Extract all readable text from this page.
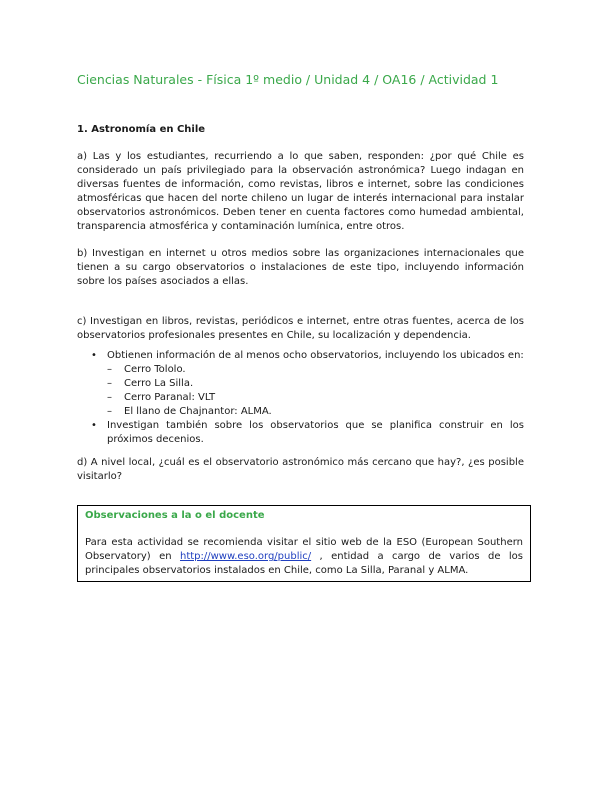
Ciencias Naturales - Física 1º medio / Unidad 4 / OA16 / Actividad 1

1. Astronomía en Chile

a) Las y los estudiantes, recurriendo a lo que saben, responden: ¿por qué Chile es considerado un país privilegiado para la observación astronómica? Luego indagan en diversas fuentes de información, como revistas, libros e internet, sobre las condiciones atmosféricas que hacen del norte chileno un lugar de interés internacional para instalar observatorios astronómicos. Deben tener en cuenta factores como humedad ambiental, transparencia atmosférica y contaminación lumínica, entre otros.

b) Investigan en internet u otros medios sobre las organizaciones internacionales que tienen a su cargo observatorios o instalaciones de este tipo, incluyendo información sobre los países asociados a ellas.

c) Investigan en libros, revistas, periódicos e internet, entre otras fuentes, acerca de los observatorios profesionales presentes en Chile, su localización y dependencia.

• Obtienen información de al menos ocho observatorios, incluyendo los ubicados en:
– Cerro Tololo.
– Cerro La Silla.
– Cerro Paranal: VLT
– El llano de Chajnantor: ALMA.
• Investigan también sobre los observatorios que se planifica construir en los próximos decenios.

d) A nivel local, ¿cuál es el observatorio astronómico más cercano que hay?, ¿es posible visitarlo?

Observaciones a la o el docente

Para esta actividad se recomienda visitar el sitio web de la ESO (European Southern Observatory) en http://www.eso.org/public/ , entidad a cargo de varios de los principales observatorios instalados en Chile, como La Silla, Paranal y ALMA.
